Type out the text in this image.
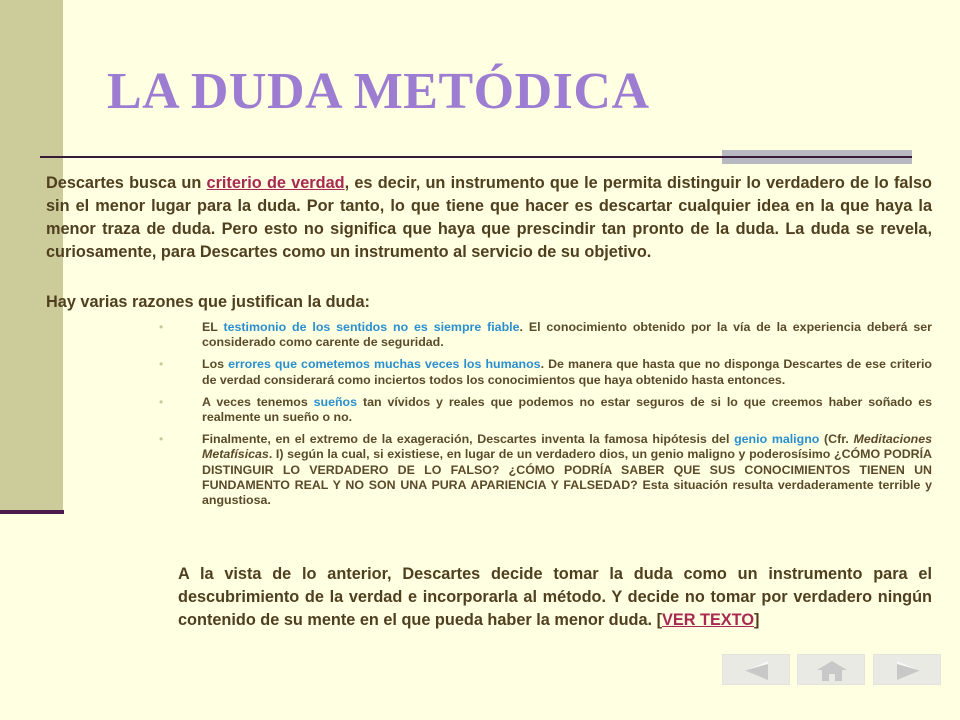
LA DUDA METÓDICA

Descartes busca un criterio de verdad, es decir, un instrumento que le permita distinguir lo verdadero de lo falso sin el menor lugar para la duda. Por tanto, lo que tiene que hacer es descartar cualquier idea en la que haya la menor traza de duda. Pero esto no significa que haya que prescindir tan pronto de la duda. La duda se revela, curiosamente, para Descartes como un instrumento al servicio de su objetivo.

Hay varias razones que justifican la duda:

•	EL testimonio de los sentidos no es siempre fiable. El conocimiento obtenido por la vía de la experiencia deberá ser considerado como carente de seguridad.
•	Los errores que cometemos muchas veces los humanos. De manera que hasta que no disponga Descartes de ese criterio de verdad considerará como inciertos todos los conocimientos que haya obtenido hasta entonces.
•	A veces tenemos sueños tan vívidos y reales que podemos no estar seguros de si lo que creemos haber soñado es realmente un sueño o no.
•	Finalmente, en el extremo de la exageración, Descartes inventa la famosa hipótesis del genio maligno (Cfr. Meditaciones Metafísicas. I) según la cual, si existiese, en lugar de un verdadero dios, un genio maligno y poderosísimo ¿CÓMO PODRÍA DISTINGUIR LO VERDADERO DE LO FALSO? ¿CÓMO PODRÍA SABER QUE SUS CONOCIMIENTOS TIENEN UN FUNDAMENTO REAL Y NO SON UNA PURA APARIENCIA Y FALSEDAD? Esta situación resulta verdaderamente terrible y angustiosa.

A la vista de lo anterior, Descartes decide tomar la duda como un instrumento para el descubrimiento de la verdad e incorporarla al método. Y decide no tomar por verdadero ningún contenido de su mente en el que pueda haber la menor duda. [VER TEXTO]
